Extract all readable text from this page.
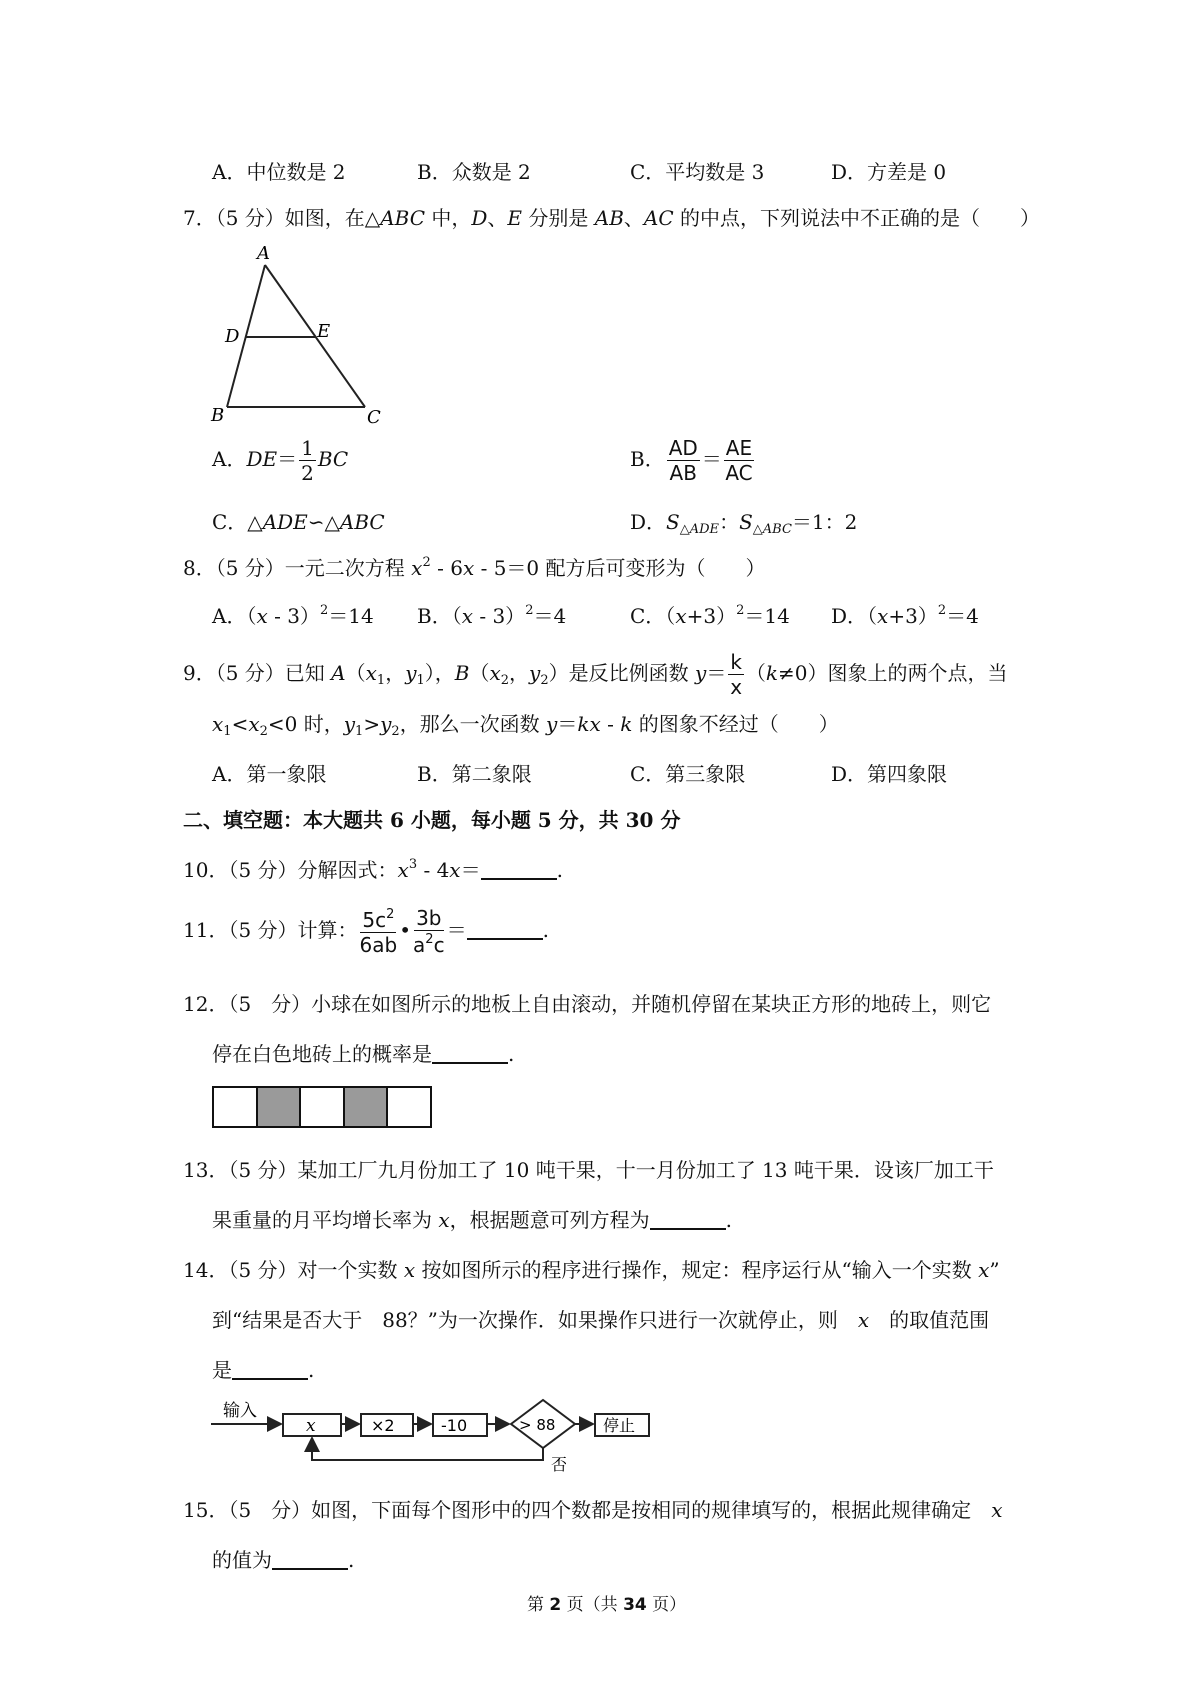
A．中位数是 2	B．众数是 2	C．平均数是 3	D．方差是 0
7．（5 分）如图，在△ABC 中，D、E 分别是 AB、AC 的中点，下列说法中不正确的是（　　）
A
D	E
B	C
A．$DE= \frac{1}{2}$ BC	B． $\frac{AD}{AB} = \frac{AE}{AC}$
C．△ADE∽△ABC	D．$S_{\triangle ADE}$：$S_{\triangle ABC}=1$：2
8．（5 分）一元二次方程 $x^2 - 6x - 5=0$ 配方后可变形为（　　）
A．（x - 3）$^2$＝14 B．（x - 3）$^2$＝4	C．$(x+3)^2=14$ D．$(x+3)^2=4$
9．（5 分）已知 $A(x_1$，$y_1$），$B(x_2$，$y_2$）是反比例函数 $y= \frac{k}{x} (k\ne 0)$图象上的两个点，当
$x_1<x_2<0$ 时，$y_1>y_2$，那么一次函数 y＝kx - k 的图象不经过（　　）
A．第一象限	B．第二象限	C．第三象限	D．第四象限
二、填空题：本大题共 6 小题，每小题 5 分，共 30 分
10．（5 分）分解因式：$x^3 - 4x=$	.
11．（5 分）计算： $\frac{5c^2}{6ab}$ • $\frac{3b}{a^2c}$ ＝	.
12．（5　分）小球在如图所示的地板上自由滚动，并随机停留在某块正方形的地砖上，则它
停在白色地砖上的概率是	.
13．（5 分）某加工厂九月份加工了 10 吨干果，十一月份加工了 13 吨干果．设该厂加工干
果重量的月平均增长率为 x，根据题意可列方程为	.
14．（5 分）对一个实数 x 按如图所示的程序进行操作，规定：程序运行从“输入一个实数 x”
到“结果是否大于　88？”为一次操作．如果操作只进行一次就停止，则　x　的取值范围
是	.
输入
x	×2	-10	> 88	停止
否
15．（5　分）如图，下面每个图形中的四个数都是按相同的规律填写的，根据此规律确定　x
的值为	.
第 2 页（共 34 页）
